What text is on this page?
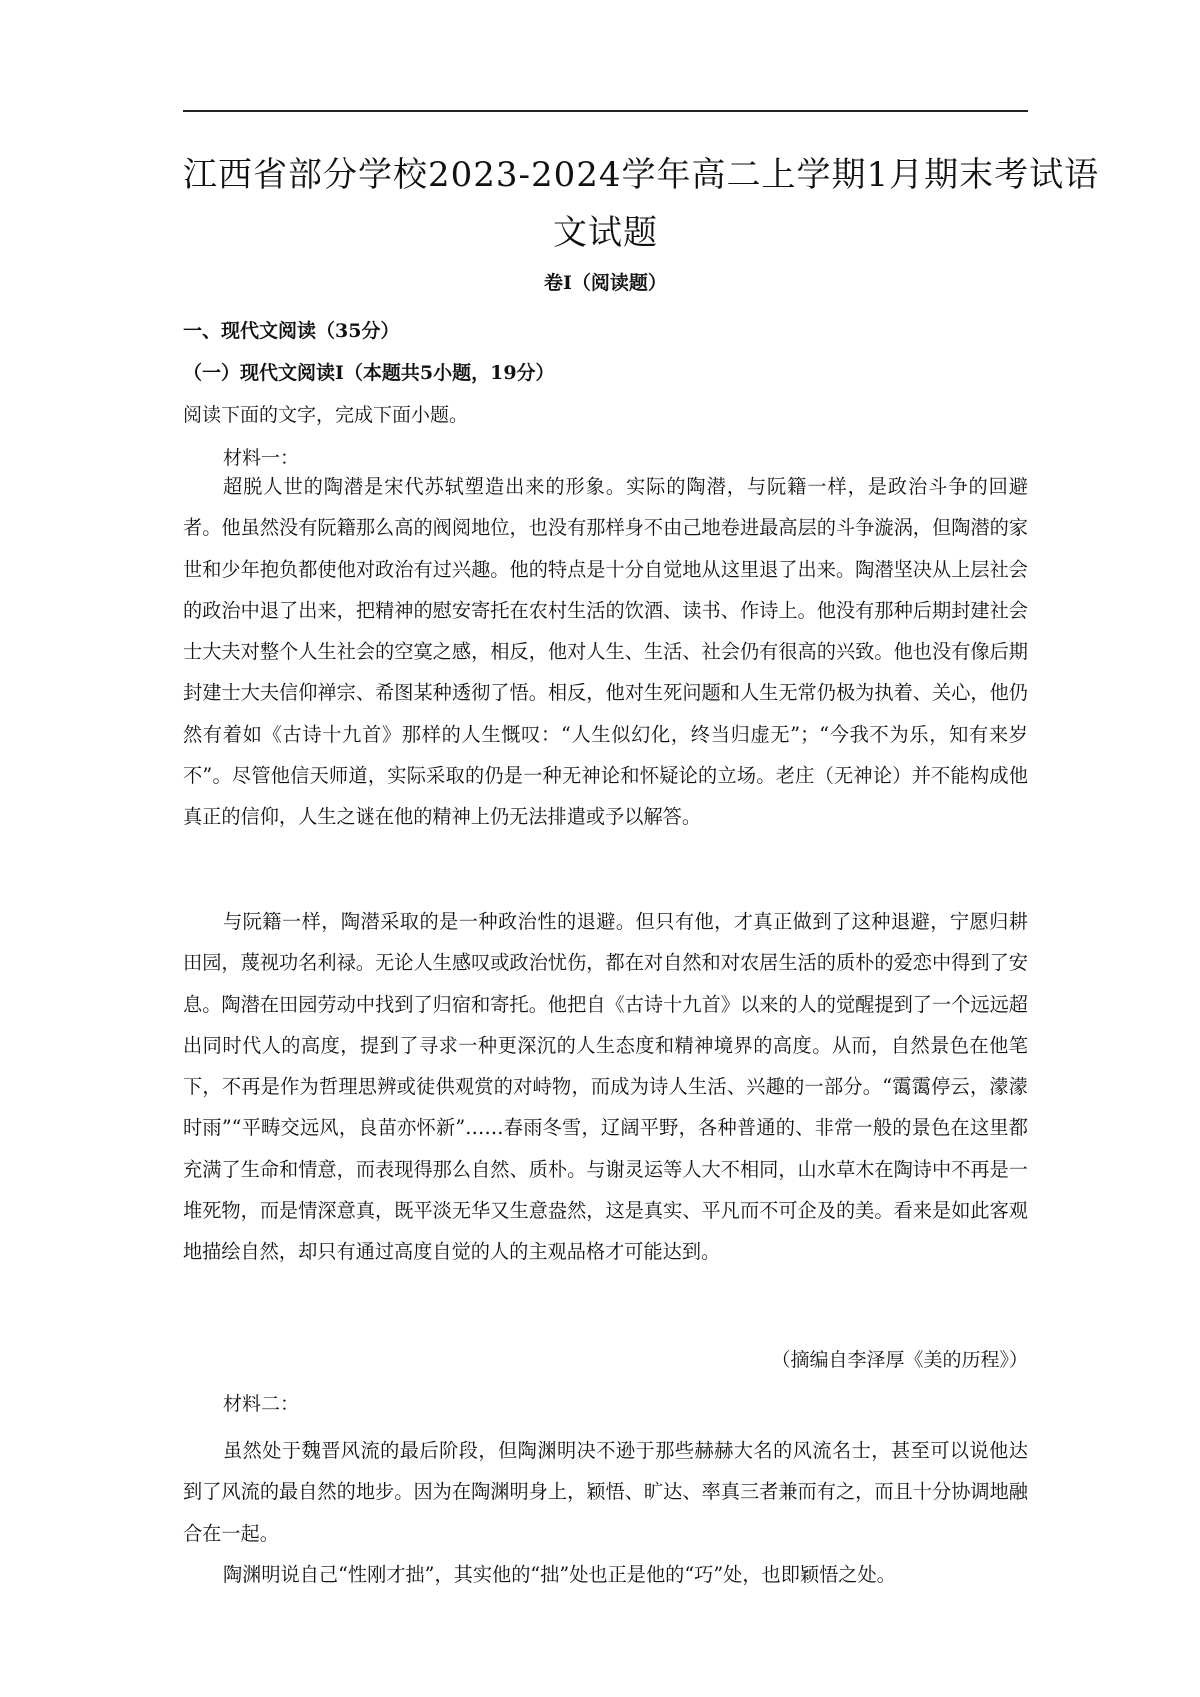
江西省部分学校2023-2024学年高二上学期1月期末考试语
文试题
卷I（阅读题）
一、现代文阅读（35分）
（一）现代文阅读I（本题共5小题，19分）
阅读下面的文字，完成下面小题。
材料一：

超脱人世的陶潜是宋代苏轼塑造出来的形象。实际的陶潜，与阮籍一样，是政治斗争的回避者。他虽然没有阮籍那么高的阀阅地位，也没有那样身不由己地卷进最高层的斗争漩涡，但陶潜的家世和少年抱负都使他对政治有过兴趣。他的特点是十分自觉地从这里退了出来。陶潜坚决从上层社会的政治中退了出来，把精神的慰安寄托在农村生活的饮酒、读书、作诗上。他没有那种后期封建社会士大夫对整个人生社会的空寞之感，相反，他对人生、生活、社会仍有很高的兴致。他也没有像后期封建士大夫信仰禅宗、希图某种透彻了悟。相反，他对生死问题和人生无常仍极为执着、关心，他仍然有着如《古诗十九首》那样的人生慨叹：“人生似幻化，终当归虚无”；“今我不为乐，知有来岁不”。尽管他信天师道，实际采取的仍是一种无神论和怀疑论的立场。老庄（无神论）并不能构成他真正的信仰，人生之谜在他的精神上仍无法排遣或予以解答。

与阮籍一样，陶潜采取的是一种政治性的退避。但只有他，才真正做到了这种退避，宁愿归耕田园，蔑视功名利禄。无论人生感叹或政治忧伤，都在对自然和对农居生活的质朴的爱恋中得到了安息。陶潜在田园劳动中找到了归宿和寄托。他把自《古诗十九首》以来的人的觉醒提到了一个远远超出同时代人的高度，提到了寻求一种更深沉的人生态度和精神境界的高度。从而，自然景色在他笔下，不再是作为哲理思辨或徒供观赏的对峙物，而成为诗人生活、兴趣的一部分。“霭霭停云，濛濛时雨”“平畴交远风，良苗亦怀新”……春雨冬雪，辽阔平野，各种普通的、非常一般的景色在这里都充满了生命和情意，而表现得那么自然、质朴。与谢灵运等人大不相同，山水草木在陶诗中不再是一堆死物，而是情深意真，既平淡无华又生意盎然，这是真实、平凡而不可企及的美。看来是如此客观地描绘自然，却只有通过高度自觉的人的主观品格才可能达到。

（摘编自李泽厚《美的历程》）
材料二：

虽然处于魏晋风流的最后阶段，但陶渊明决不逊于那些赫赫大名的风流名士，甚至可以说他达到了风流的最自然的地步。因为在陶渊明身上，颖悟、旷达、率真三者兼而有之，而且十分协调地融合在一起。

陶渊明说自己“性刚才拙”，其实他的“拙”处也正是他的“巧”处，也即颖悟之处。
